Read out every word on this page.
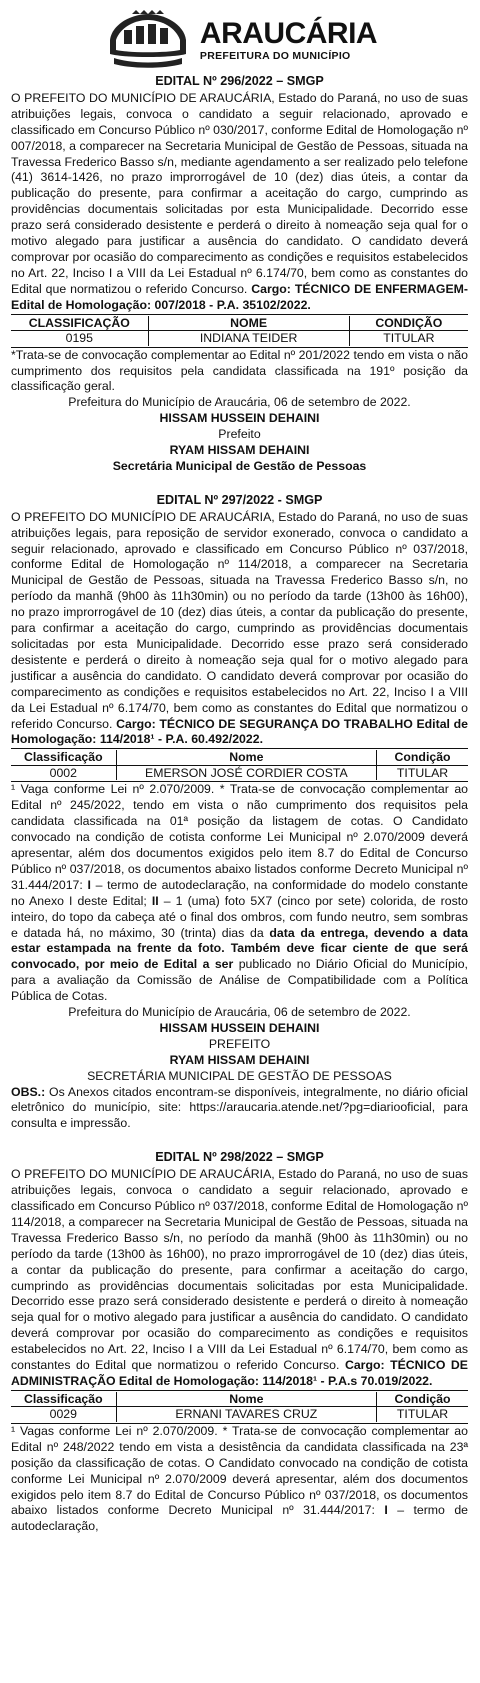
ARAUCÁRIA
PREFEITURA DO MUNICÍPIO
EDITAL Nº 296/2022 – SMGP

O PREFEITO DO MUNICÍPIO DE ARAUCÁRIA, Estado do Paraná, no uso de suas atribuições legais, convoca o candidato a seguir relacionado, aprovado e classificado em Concurso Público nº 030/2017, conforme Edital de Homologação nº 007/2018, a comparecer na Secretaria Municipal de Gestão de Pessoas, situada na Travessa Frederico Basso s/n, mediante agendamento a ser realizado pelo telefone (41) 3614-1426, no prazo improrrogável de 10 (dez) dias úteis, a contar da publicação do presente, para confirmar a aceitação do cargo, cumprindo as providências documentais solicitadas por esta Municipalidade. Decorrido esse prazo será considerado desistente e perderá o direito à nomeação seja qual for o motivo alegado para justificar a ausência do candidato. O candidato deverá comprovar por ocasião do comparecimento as condições e requisitos estabelecidos no Art. 22, Inciso I a VIII da Lei Estadual nº 6.174/70, bem como as constantes do Edital que normatizou o referido Concurso. Cargo: TÉCNICO DE ENFERMAGEM- Edital de Homologação: 007/2018 - P.A. 35102/2022.

CLASSIFICAÇÃO	NOME	CONDIÇÃO
0195	INDIANA TEIDER	TITULAR

*Trata-se de convocação complementar ao Edital nº 201/2022 tendo em vista o não cumprimento dos requisitos pela candidata classificada na 191º posição da classificação geral.

Prefeitura do Município de Araucária, 06 de setembro de 2022.

HISSAM HUSSEIN DEHAINI

Prefeito

RYAM HISSAM DEHAINI

Secretária Municipal de Gestão de Pessoas

EDITAL Nº 297/2022 - SMGP

O PREFEITO DO MUNICÍPIO DE ARAUCÁRIA, Estado do Paraná, no uso de suas atribuições legais, para reposição de servidor exonerado, convoca o candidato a seguir relacionado, aprovado e classificado em Concurso Público nº 037/2018, conforme Edital de Homologação nº 114/2018, a comparecer na Secretaria Municipal de Gestão de Pessoas, situada na Travessa Frederico Basso s/n, no período da manhã (9h00 às 11h30min) ou no período da tarde (13h00 às 16h00), no prazo improrrogável de 10 (dez) dias úteis, a contar da publicação do presente, para confirmar a aceitação do cargo, cumprindo as providências documentais solicitadas por esta Municipalidade. Decorrido esse prazo será considerado desistente e perderá o direito à nomeação seja qual for o motivo alegado para justificar a ausência do candidato. O candidato deverá comprovar por ocasião do comparecimento as condições e requisitos estabelecidos no Art. 22, Inciso I a VIII da Lei Estadual nº 6.174/70, bem como as constantes do Edital que normatizou o referido Concurso. Cargo: TÉCNICO DE SEGURANÇA DO TRABALHO Edital de Homologação: 114/2018¹ - P.A. 60.492/2022.

Classificação	Nome	Condição
0002	EMERSON JOSÉ CORDIER COSTA	TITULAR

¹ Vaga conforme Lei nº 2.070/2009. * Trata-se de convocação complementar ao Edital nº 245/2022, tendo em vista o não cumprimento dos requisitos pela candidata classificada na 01ª posição da listagem de cotas. O Candidato convocado na condição de cotista conforme Lei Municipal nº 2.070/2009 deverá apresentar, além dos documentos exigidos pelo item 8.7 do Edital de Concurso Público nº 037/2018, os documentos abaixo listados conforme Decreto Municipal nº 31.444/2017: I – termo de autodeclaração, na conformidade do modelo constante no Anexo I deste Edital; II – 1 (uma) foto 5X7 (cinco por sete) colorida, de rosto inteiro, do topo da cabeça até o final dos ombros, com fundo neutro, sem sombras e datada há, no máximo, 30 (trinta) dias da data da entrega, devendo a data estar estampada na frente da foto. Também deve ficar ciente de que será convocado, por meio de Edital a ser publicado no Diário Oficial do Município, para a avaliação da Comissão de Análise de Compatibilidade com a Política Pública de Cotas.

Prefeitura do Município de Araucária, 06 de setembro de 2022.

HISSAM HUSSEIN DEHAINI

PREFEITO

RYAM HISSAM DEHAINI

SECRETÁRIA MUNICIPAL DE GESTÃO DE PESSOAS

OBS.: Os Anexos citados encontram-se disponíveis, integralmente, no diário oficial eletrônico do município, site: https://araucaria.atende.net/?pg=diariooficial, para consulta e impressão.

EDITAL Nº 298/2022 – SMGP

O PREFEITO DO MUNICÍPIO DE ARAUCÁRIA, Estado do Paraná, no uso de suas atribuições legais, convoca o candidato a seguir relacionado, aprovado e classificado em Concurso Público nº 037/2018, conforme Edital de Homologação nº 114/2018, a comparecer na Secretaria Municipal de Gestão de Pessoas, situada na Travessa Frederico Basso s/n, no período da manhã (9h00 às 11h30min) ou no período da tarde (13h00 às 16h00), no prazo improrrogável de 10 (dez) dias úteis, a contar da publicação do presente, para confirmar a aceitação do cargo, cumprindo as providências documentais solicitadas por esta Municipalidade. Decorrido esse prazo será considerado desistente e perderá o direito à nomeação seja qual for o motivo alegado para justificar a ausência do candidato. O candidato deverá comprovar por ocasião do comparecimento as condições e requisitos estabelecidos no Art. 22, Inciso I a VIII da Lei Estadual nº 6.174/70, bem como as constantes do Edital que normatizou o referido Concurso. Cargo: TÉCNICO DE ADMINISTRAÇÃO Edital de Homologação: 114/2018¹ - P.A.s 70.019/2022.

Classificação	Nome	Condição
0029	ERNANI TAVARES CRUZ	TITULAR

¹ Vagas conforme Lei nº 2.070/2009. * Trata-se de convocação complementar ao Edital nº 248/2022 tendo em vista a desistência da candidata classificada na 23ª posição da classificação de cotas. O Candidato convocado na condição de cotista conforme Lei Municipal nº 2.070/2009 deverá apresentar, além dos documentos exigidos pelo item 8.7 do Edital de Concurso Público nº 037/2018, os documentos abaixo listados conforme Decreto Municipal nº 31.444/2017: I – termo de autodeclaração,
